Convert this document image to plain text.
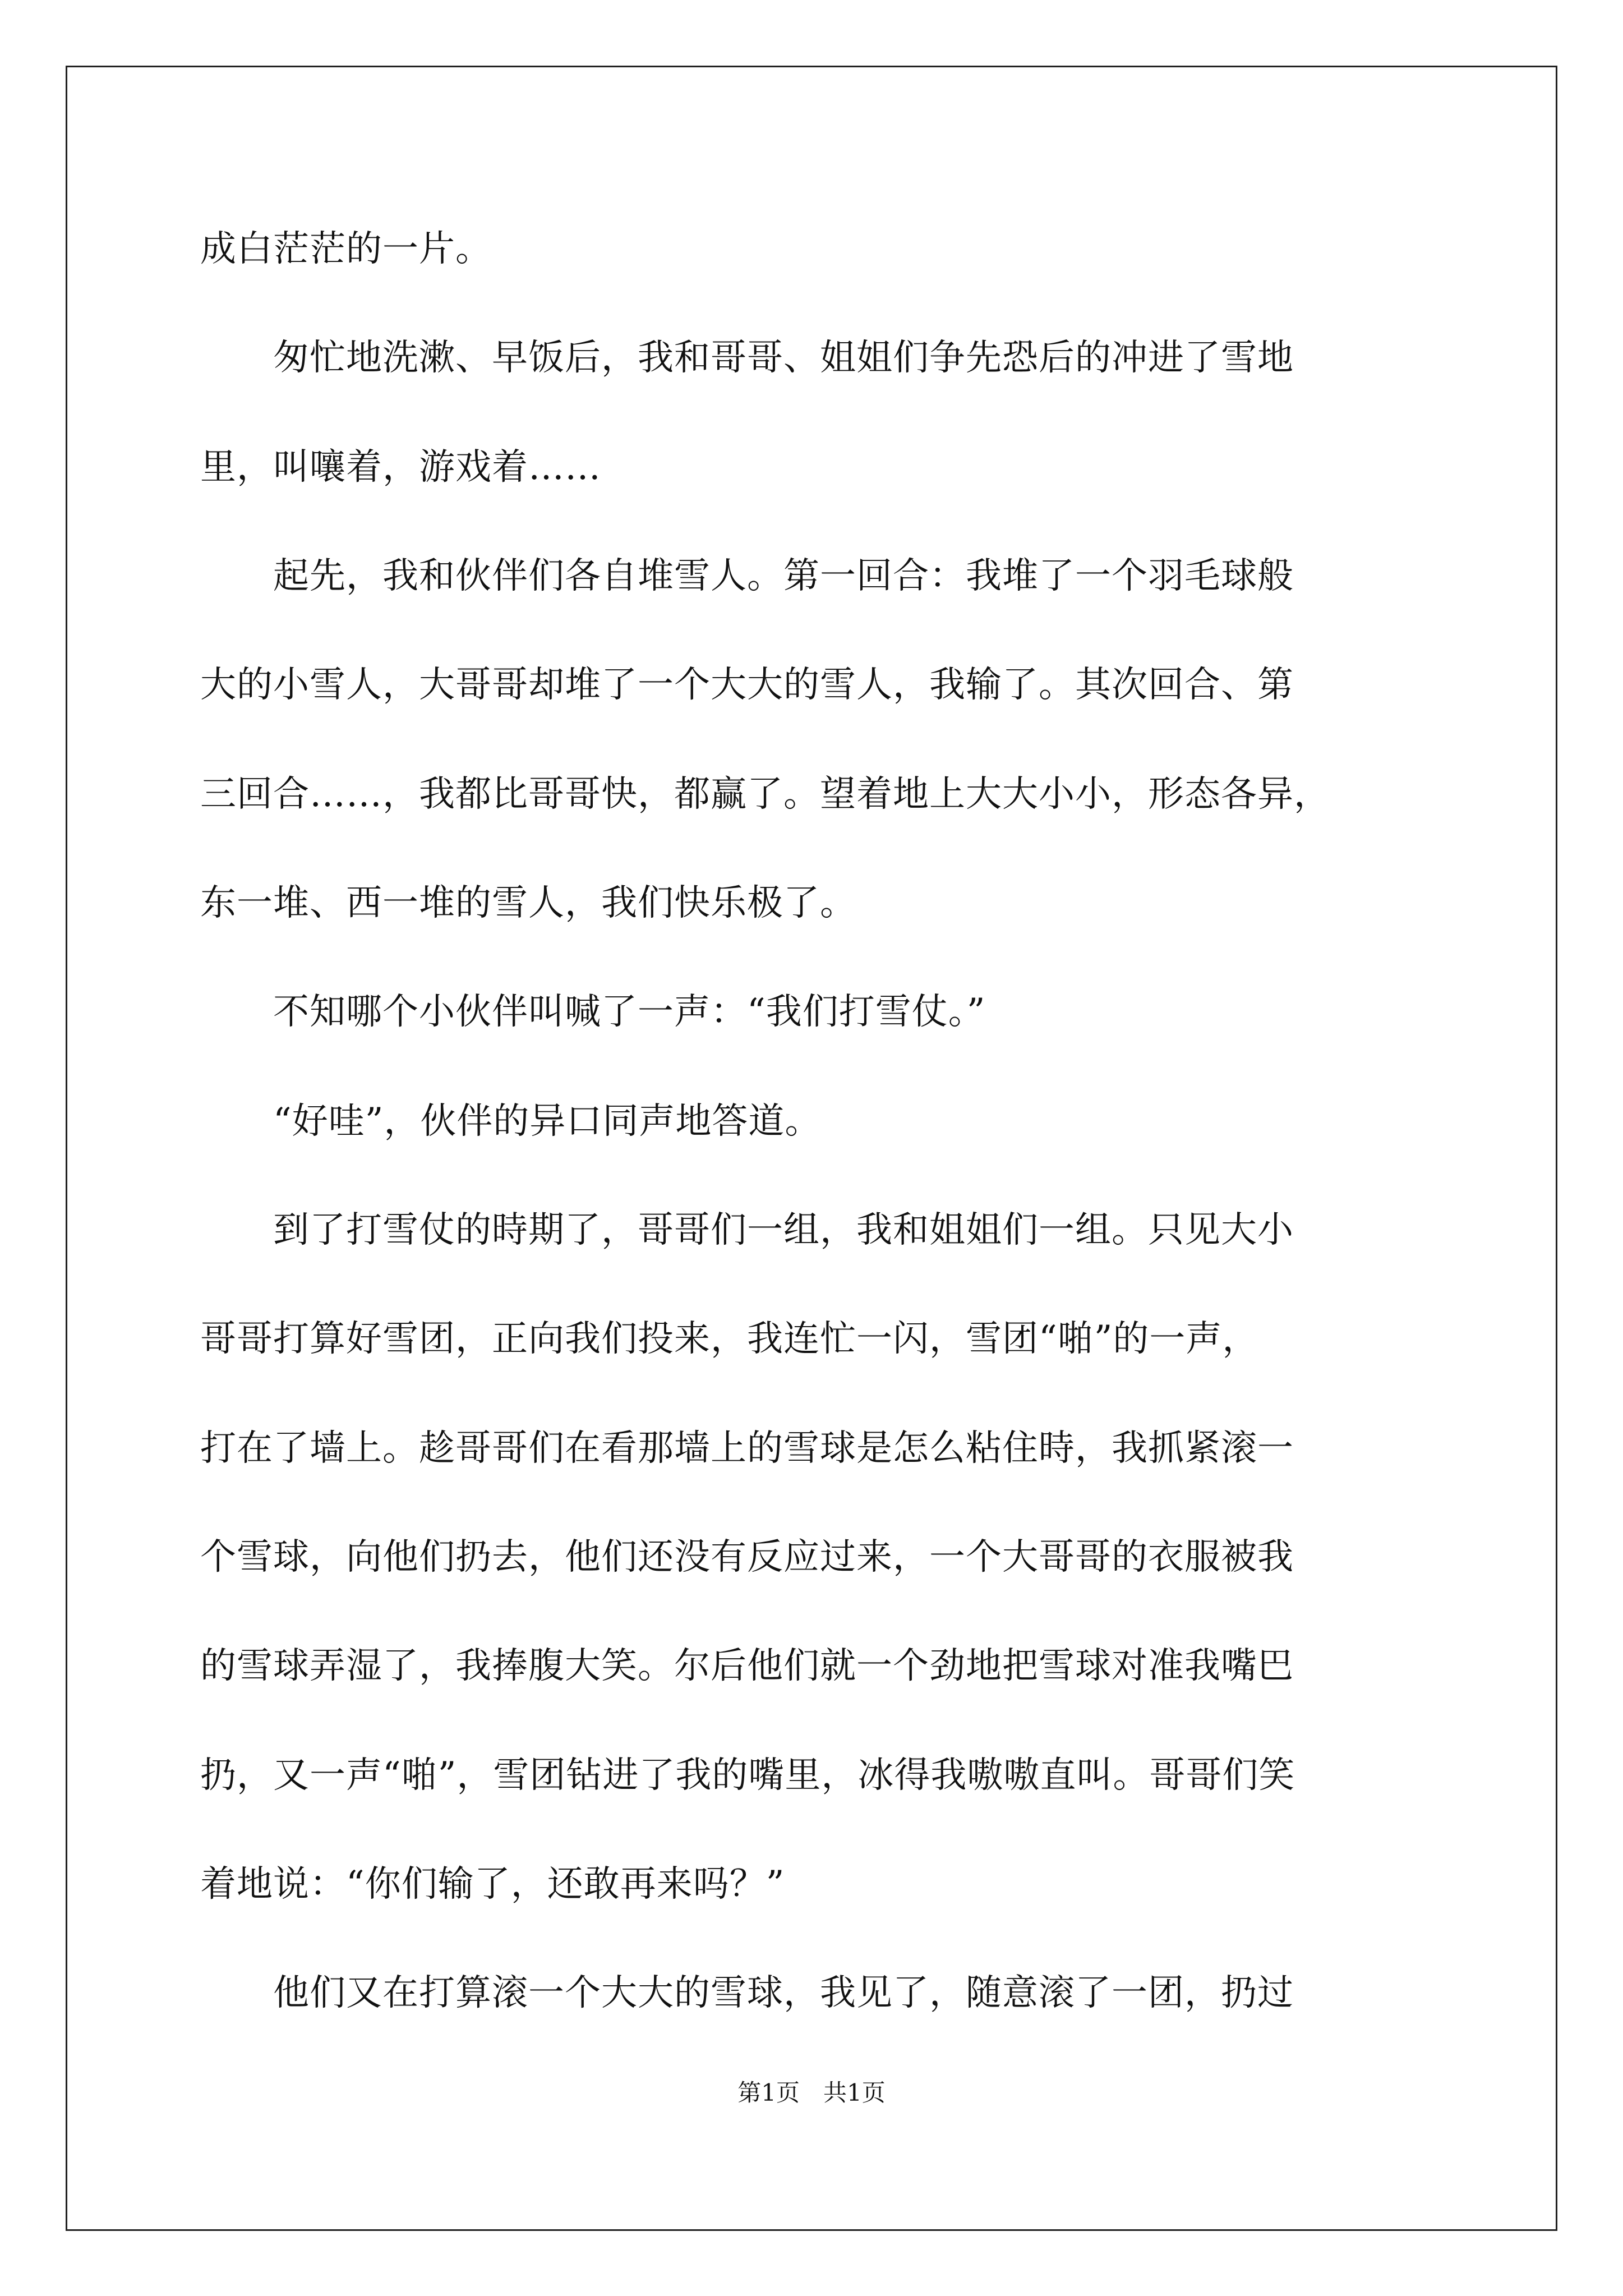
成白茫茫的一片。
　　匆忙地洗漱、早饭后，我和哥哥、姐姐们争先恐后的冲进了雪地
里，叫嚷着，游戏着……
　　起先，我和伙伴们各自堆雪人。第一回合：我堆了一个羽毛球般
大的小雪人，大哥哥却堆了一个大大的雪人，我输了。其次回合、第
三回合……，我都比哥哥快，都赢了。望着地上大大小小，形态各异，
东一堆、西一堆的雪人，我们快乐极了。
　　不知哪个小伙伴叫喊了一声：“我们打雪仗。”
　　“好哇”，伙伴的异口同声地答道。
　　到了打雪仗的時期了，哥哥们一组，我和姐姐们一组。只见大小
哥哥打算好雪团，正向我们投来，我连忙一闪，雪团“啪”的一声，
打在了墙上。趁哥哥们在看那墙上的雪球是怎么粘住時，我抓紧滚一
个雪球，向他们扔去，他们还没有反应过来，一个大哥哥的衣服被我
的雪球弄湿了，我捧腹大笑。尔后他们就一个劲地把雪球对准我嘴巴
扔，又一声“啪”，雪团钻进了我的嘴里，冰得我嗷嗷直叫。哥哥们笑
着地说：“你们输了，还敢再来吗？”
　　他们又在打算滚一个大大的雪球，我见了，随意滚了一团，扔过
第1页　共1页
